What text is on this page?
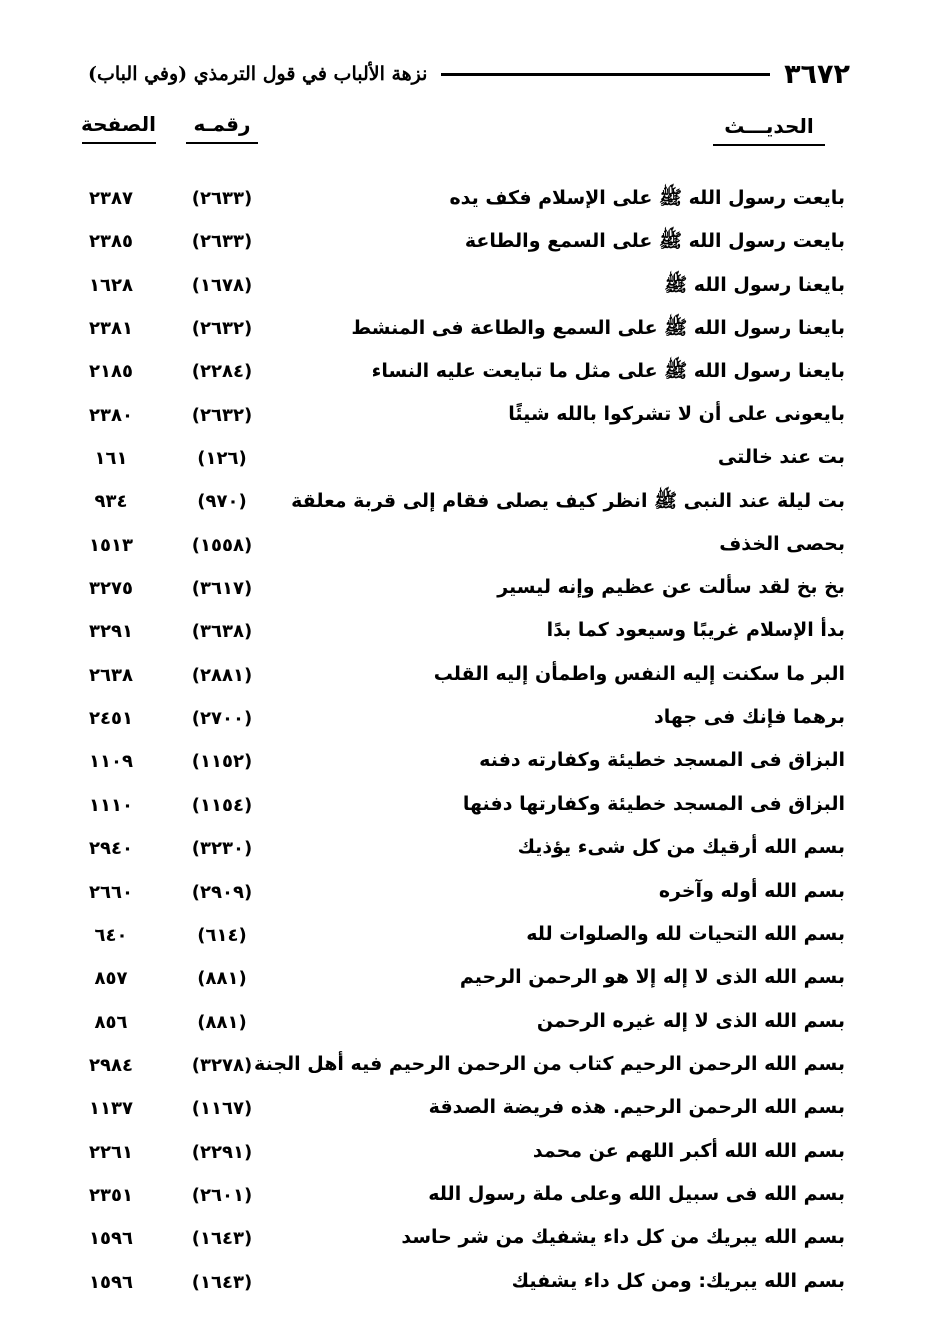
٣٦٧٢
نزهة الألباب في قول الترمذي (وفي الباب)
الحديـــث
رقمـه
الصفحة
بايعت رسول الله ﷺ على الإسلام فكف يده
(٢٦٣٣)
٢٣٨٧
بايعت رسول الله ﷺ على السمع والطاعة
(٢٦٣٣)
٢٣٨٥
بايعنا رسول الله ﷺ
(١٦٧٨)
١٦٢٨
بايعنا رسول الله ﷺ على السمع والطاعة فى المنشط
(٢٦٣٢)
٢٣٨١
بايعنا رسول الله ﷺ على مثل ما تبايعت عليه النساء
(٢٢٨٤)
٢١٨٥
بايعونى على أن لا تشركوا بالله شيئًا
(٢٦٣٢)
٢٣٨٠
بت عند خالتى
(١٢٦)
١٦١
بت ليلة عند النبى ﷺ انظر كيف يصلى فقام إلى قربة معلقة
(٩٧٠)
٩٣٤
بحصى الخذف
(١٥٥٨)
١٥١٣
بخ بخ لقد سألت عن عظيم وإنه ليسير
(٣٦١٧)
٣٢٧٥
بدأ الإسلام غريبًا وسيعود كما بدًا
(٣٦٣٨)
٣٢٩١
البر ما سكنت إليه النفس واطمأن إليه القلب
(٢٨٨١)
٢٦٣٨
برهما فإنك فى جهاد
(٢٧٠٠)
٢٤٥١
البزاق فى المسجد خطيئة وكفارته دفنه
(١١٥٢)
١١٠٩
البزاق فى المسجد خطيئة وكفارتها دفنها
(١١٥٤)
١١١٠
بسم الله أرقيك من كل شىء يؤذيك
(٣٢٣٠)
٢٩٤٠
بسم الله أوله وآخره
(٢٩٠٩)
٢٦٦٠
بسم الله التحيات لله والصلوات لله
(٦١٤)
٦٤٠
بسم الله الذى لا إله إلا هو الرحمن الرحيم
(٨٨١)
٨٥٧
بسم الله الذى لا إله غيره الرحمن
(٨٨١)
٨٥٦
بسم الله الرحمن الرحيم كتاب من الرحمن الرحيم فيه أهل الجنة
(٣٢٧٨)
٢٩٨٤
بسم الله الرحمن الرحيم. هذه فريضة الصدقة
(١١٦٧)
١١٣٧
بسم الله الله أكبر اللهم عن محمد
(٢٢٩١)
٢٢٦١
بسم الله فى سبيل الله وعلى ملة رسول الله
(٢٦٠١)
٢٣٥١
بسم الله يبريك من كل داء يشفيك من شر حاسد
(١٦٤٣)
١٥٩٦
بسم الله يبريك: ومن كل داء يشفيك
(١٦٤٣)
١٥٩٦
